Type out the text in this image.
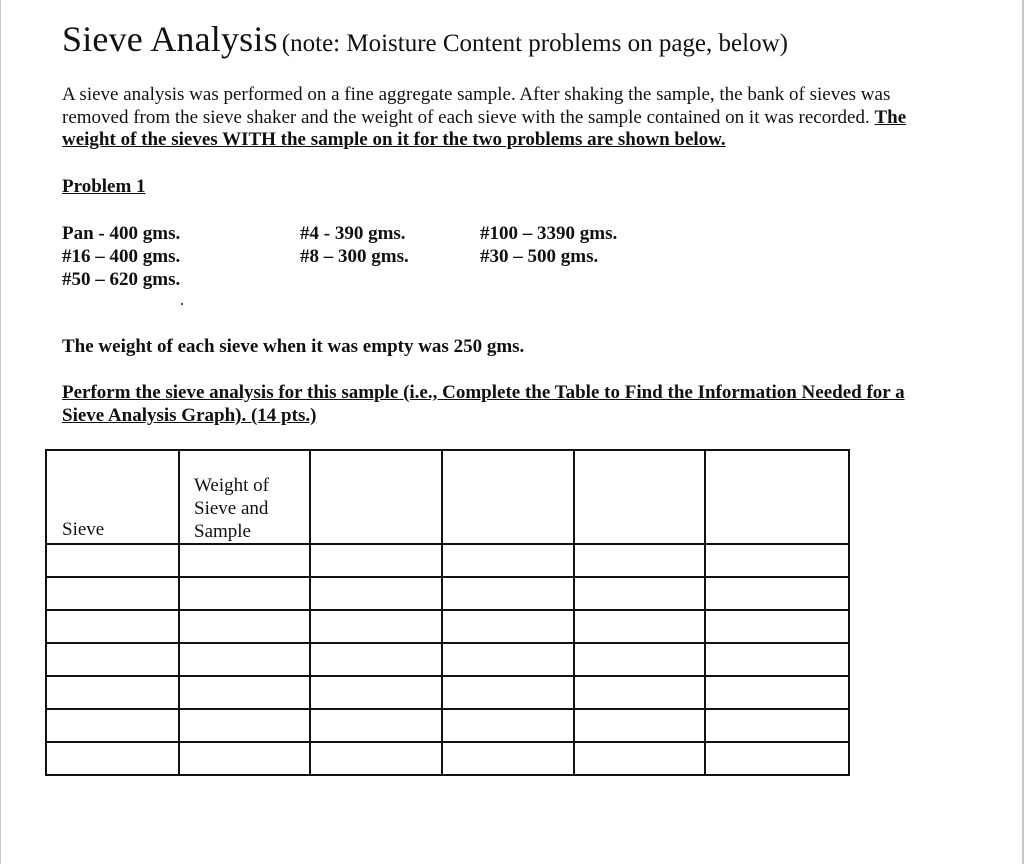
Sieve Analysis (note: Moisture Content problems on page, below)
A sieve analysis was performed on a fine aggregate sample. After shaking the sample, the bank of sieves was removed from the sieve shaker and the weight of each sieve with the sample contained on it was recorded. The weight of the sieves WITH the sample on it for the two problems are shown below.
Problem 1
Pan - 400 gms.
#16 – 400 gms.
#50 – 620 gms.
#4 - 390 gms.
#8 – 300 gms.
#100 – 3390 gms.
#30 – 500 gms.
The weight of each sieve when it was empty was 250 gms.
Perform the sieve analysis for this sample (i.e., Complete the Table to Find the Information Needed for a Sieve Analysis Graph). (14 pts.)
Sieve	Weight of
Sieve and
Sample				
